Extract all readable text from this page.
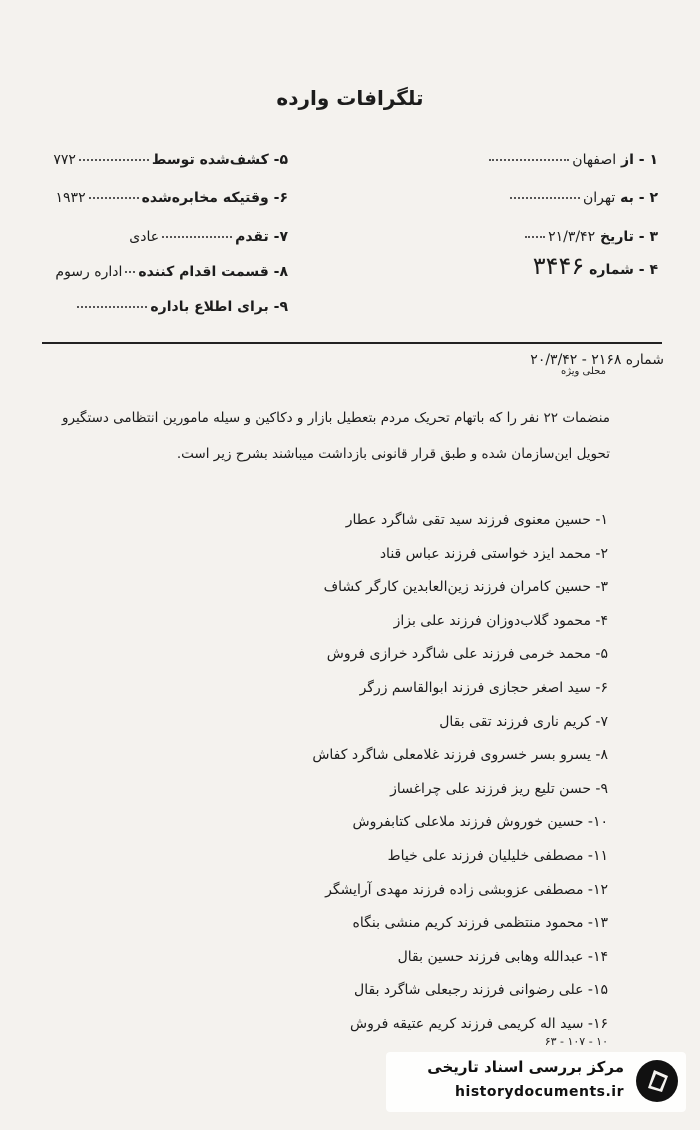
تلگرافات وارده
۵- کشف‌شده توسط۷۷۲
۶- وقتیکه مخابره‌شده۱۹۳۲
۷- تقدمعادی
۸- قسمت اقدام کنندهاداره‌ رسوم
۹- برای اطلاع باداره
۱ - از اصفهان
۲ - به تهران
۳ - تاریخ ۲۱/۳/۴۲
۴ - شماره ۳۴۴۶
شماره ۲۱۶۸ - ۲۰/۳/۴۲
محلی ویژه
منضمات ۲۲ نفر را که باتهام تحریک مردم بتعطیل بازار و دکاکین و سیله مامورین انتظامی دستگیرو تحویل این‌سازمان شده و طبق قرار قانونی بازداشت میباشند بشرح زیر است.
۱- حسین معنوی فرزند سید تقی شاگرد عطار
۲- محمد ایزد خواستی فرزند عباس قناد
۳- حسین کامران فرزند زین‌العابدین کارگر کشاف
۴- محمود گلاب‌دوزان فرزند علی بزاز
۵- محمد خرمی فرزند علی شاگرد خرازی فروش
۶- سید اصغر حجازی فرزند ابوالقاسم زرگر
۷- کریم ناری فرزند تقی بقال
۸- یسرو بسر خسروی فرزند غلامعلی شاگرد کفاش
۹- حسن تلیع ریز فرزند علی چراغساز
۱۰- حسین خوروش فرزند ملاعلی کتابفروش
۱۱- مصطفی خلیلیان فرزند علی خیاط
۱۲- مصطفی عزوبشی زاده فرزند مهدی آرایشگر
۱۳- محمود منتظمی فرزند کریم منشی بنگاه
۱۴- عبدالله وهابی فرزند حسین بقال
۱۵- علی رضوانی فرزند رجبعلی شاگرد بقال
۱۶- سید اله کریمی فرزند کریم عتیقه فروش
۶۳ - ۱۰۷ - ۱۰
مرکز بررسی اسناد تاریخی
historydocuments.ir
